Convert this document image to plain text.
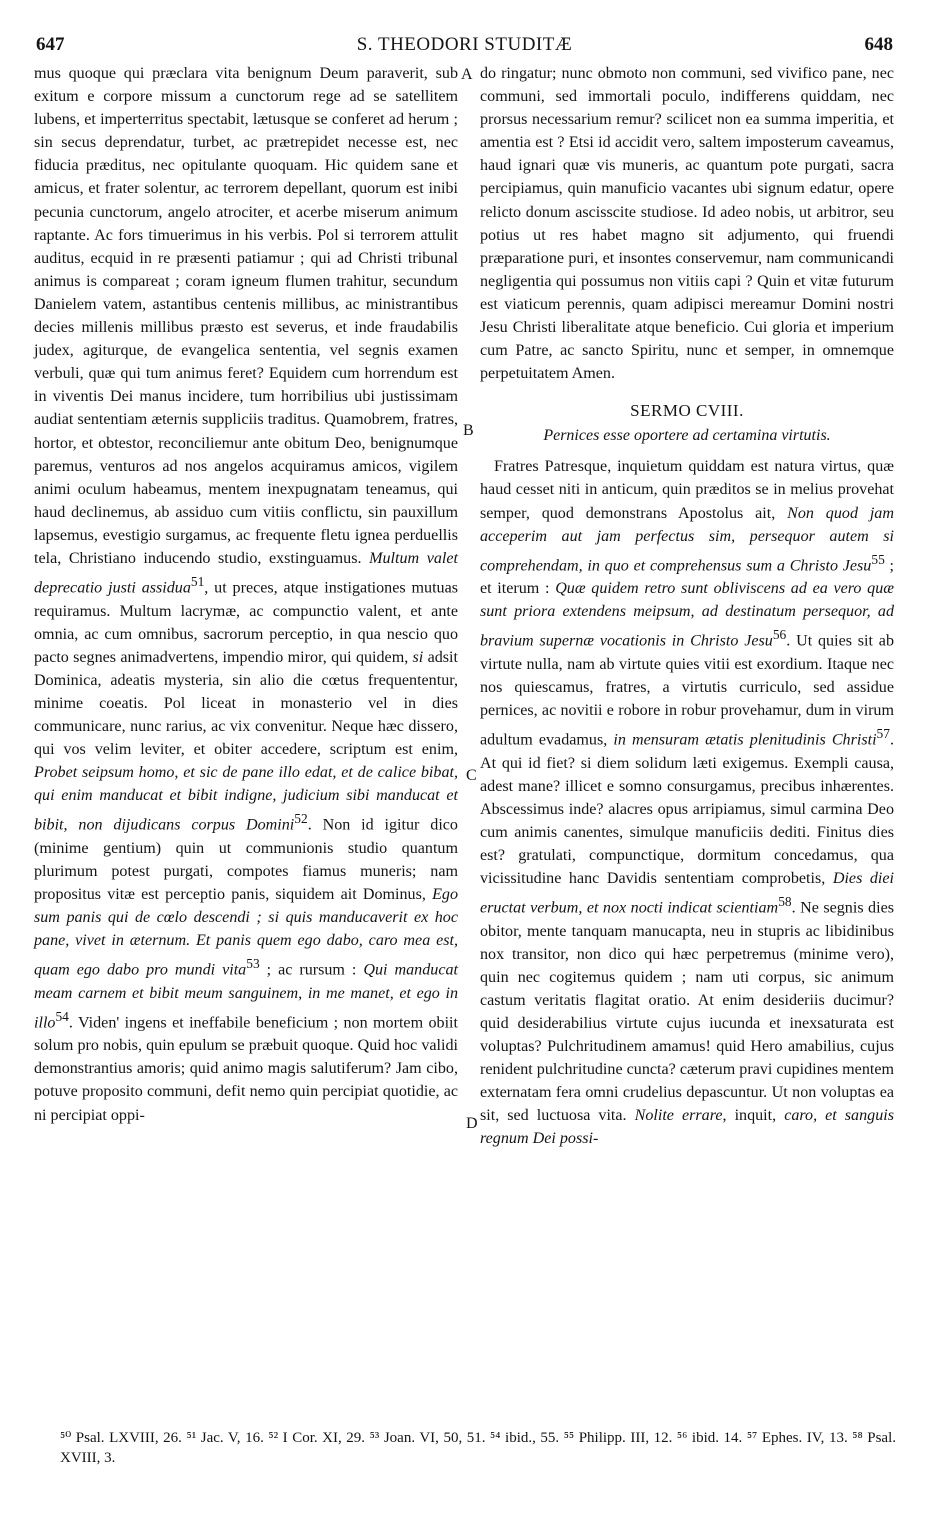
647	S. THEODORI STUDITÆ	648
A
B
C
D

mus quoque qui præclara vita benignum Deum paraverit, sub exitum e corpore missum a cunctorum rege ad se satellitem lubens, et imperterritus spectabit, lætusque se conferet ad herum ; sin secus deprendatur, turbet, ac prætrepidet necesse est, nec fiducia præditus, nec opitulante quoquam. Hic quidem sane et amicus, et frater solentur, ac terrorem depellant, quorum est inibi pecunia cunctorum, angelo atrociter, et acerbe miserum animum raptante. Ac fors timuerimus in his verbis. Pol si terrorem attulit auditus, ecquid in re præsenti patiamur ; qui ad Christi tribunal animus is compareat ; coram igneum flumen trahitur, secundum Danielem vatem, astantibus centenis millibus, ac ministrantibus decies millenis millibus præsto est severus, et inde fraudabilis judex, agiturque, de evangelica sententia, vel segnis examen verbuli, quæ qui tum animus feret? Equidem cum horrendum est in viventis Dei manus incidere, tum horribilius ubi justissimam audiat sententiam æternis suppliciis traditus. Quamobrem, fratres, hortor, et obtestor, reconciliemur ante obitum Deo, benignumque paremus, venturos ad nos angelos acquiramus amicos, vigilem animi oculum habeamus, mentem inexpugnatam teneamus, qui haud declinemus, ab assiduo cum vitiis conflictu, sin pauxillum lapsemus, evestigio surgamus, ac frequente fletu ignea perduellis tela, Christiano inducendo studio, exstinguamus. Multum valet deprecatio justi assidua$^{51}$, ut preces, atque instigationes mutuas requiramus. Multum lacrymæ, ac compunctio valent, et ante omnia, ac cum omnibus, sacrorum perceptio, in qua nescio quo pacto segnes animadvertens, impendio miror, qui quidem, si adsit Dominica, adeatis mysteria, sin alio die cœtus frequententur, minime coeatis. Pol liceat in monasterio vel in dies communicare, nunc rarius, ac vix convenitur. Neque hæc dissero, qui vos velim leviter, et obiter accedere, scriptum est enim, Probet seipsum homo, et sic de pane illo edat, et de calice bibat, qui enim manducat et bibit indigne, judicium sibi manducat et bibit, non dijudicans corpus Domini$^{52}$. Non id igitur dico (minime gentium) quin ut communionis studio quantum plurimum potest purgati, compotes fiamus muneris; nam propositus vitæ est perceptio panis, siquidem ait Dominus, Ego sum panis qui de cœlo descendi ; si quis manducaverit ex hoc pane, vivet in æternum. Et panis quem ego dabo, caro mea est, quam ego dabo pro mundi vita$^{53}$ ; ac rursum : Qui manducat meam carnem et bibit meum sanguinem, in me manet, et ego in illo$^{54}$. Viden' ingens et ineffabile beneficium ; non mortem obiit solum pro nobis, quin epulum se præbuit quoque. Quid hoc validi demonstrantius amoris; quid animo magis salutiferum? Jam cibo, potuve proposito communi, defit nemo quin percipiat quotidie, ac ni percipiat oppi-

do ringatur; nunc obmoto non communi, sed vivifico pane, nec communi, sed immortali poculo, indifferens quiddam, nec prorsus necessarium remur? scilicet non ea summa imperitia, et amentia est ? Etsi id accidit vero, saltem imposterum caveamus, haud ignari quæ vis muneris, ac quantum pote purgati, sacra percipiamus, quin manuficio vacantes ubi signum edatur, opere relicto donum ascisscite studiose. Id adeo nobis, ut arbitror, seu potius ut res habet magno sit adjumento, qui fruendi præparatione puri, et insontes conservemur, nam communicandi negligentia qui possumus non vitiis capi ? Quin et vitæ futurum est viaticum perennis, quam adipisci mereamur Domini nostri Jesu Christi liberalitate atque beneficio. Cui gloria et imperium cum Patre, ac sancto Spiritu, nunc et semper, in omnemque perpetuitatem Amen.

SERMO CVIII.
Pernices esse oportere ad certamina virtutis.

Fratres Patresque, inquietum quiddam est natura virtus, quæ haud cesset niti in anticum, quin præditos se in melius provehat semper, quod demonstrans Apostolus ait, Non quod jam acceperim aut jam perfectus sim, persequor autem si comprehendam, in quo et comprehensus sum a Christo Jesu$^{55}$ ; et iterum : Quæ quidem retro sunt obliviscens ad ea vero quæ sunt priora extendens meipsum, ad destinatum persequor, ad bravium supernæ vocationis in Christo Jesu$^{56}$. Ut quies sit ab virtute nulla, nam ab virtute quies vitii est exordium. Itaque nec nos quiescamus, fratres, a virtutis curriculo, sed assidue pernices, ac novitii e robore in robur provehamur, dum in virum adultum evadamus, in mensuram ætatis plenitudinis Christi$^{57}$. At qui id fiet? si diem solidum læti exigemus. Exempli causa, adest mane? illicet e somno consurgamus, precibus inhærentes. Abscessimus inde? alacres opus arripiamus, simul carmina Deo cum animis canentes, simulque manuficiis dediti. Finitus dies est? gratulati, compunctique, dormitum concedamus, qua vicissitudine hanc Davidis sententiam comprobetis, Dies diei eructat verbum, et nox nocti indicat scientiam$^{58}$. Ne segnis dies obitor, mente tanquam manucapta, neu in stupris ac libidinibus nox transitor, non dico qui hæc perpetremus (minime vero), quin nec cogitemus quidem ; nam uti corpus, sic animum castum veritatis flagitat oratio. At enim desideriis ducimur? quid desiderabilius virtute cujus iucunda et inexsaturata est voluptas? Pulchritudinem amamus! quid Hero amabilius, cujus renident pulchritudine cuncta? cæterum pravi cupidines mentem externatam fera omni crudelius depascuntur. Ut non voluptas ea sit, sed luctuosa vita. Nolite errare, inquit, caro, et sanguis regnum Dei possi-

⁵⁰ Psal. LXVIII, 26. ⁵¹ Jac. V, 16. ⁵² I Cor. XI, 29. ⁵³ Joan. VI, 50, 51. ⁵⁴ ibid., 55. ⁵⁵ Philipp. III, 12. ⁵⁶ ibid. 14. ⁵⁷ Ephes. IV, 13. ⁵⁸ Psal. XVIII, 3.
